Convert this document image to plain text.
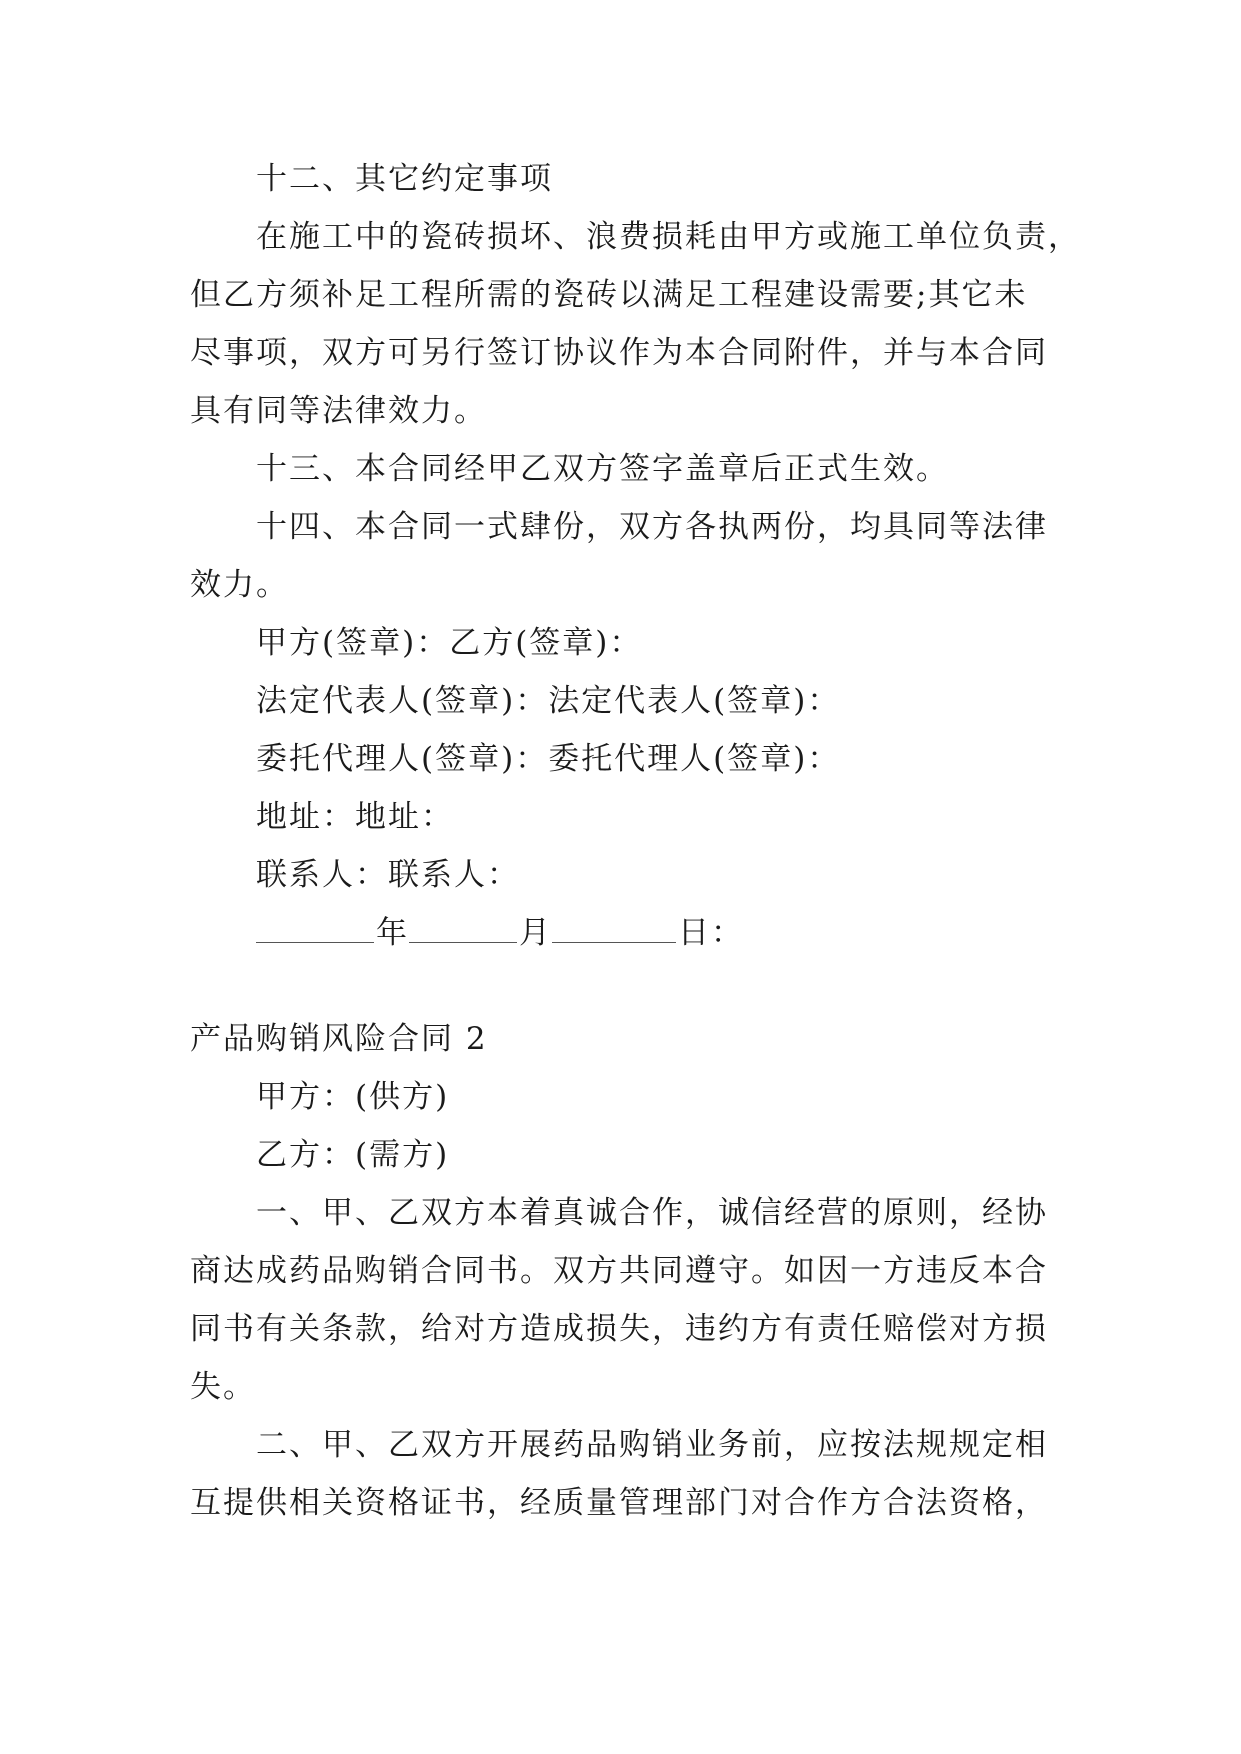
十二、其它约定事项
在施工中的瓷砖损坏、浪费损耗由甲方或施工单位负责，
但乙方须补足工程所需的瓷砖以满足工程建设需要;其它未
尽事项，双方可另行签订协议作为本合同附件，并与本合同
具有同等法律效力。
十三、本合同经甲乙双方签字盖章后正式生效。
十四、本合同一式肆份，双方各执两份，均具同等法律
效力。
甲方(签章)：乙方(签章)：
法定代表人(签章)：法定代表人(签章)：
委托代理人(签章)：委托代理人(签章)：
地址：地址：
联系人：联系人：
年	月	日：
产品购销风险合同 2
甲方：(供方)
乙方：(需方)
一、甲、乙双方本着真诚合作，诚信经营的原则，经协
商达成药品购销合同书。双方共同遵守。如因一方违反本合
同书有关条款，给对方造成损失，违约方有责任赔偿对方损
失。
二、甲、乙双方开展药品购销业务前，应按法规规定相
互提供相关资格证书，经质量管理部门对合作方合法资格，
